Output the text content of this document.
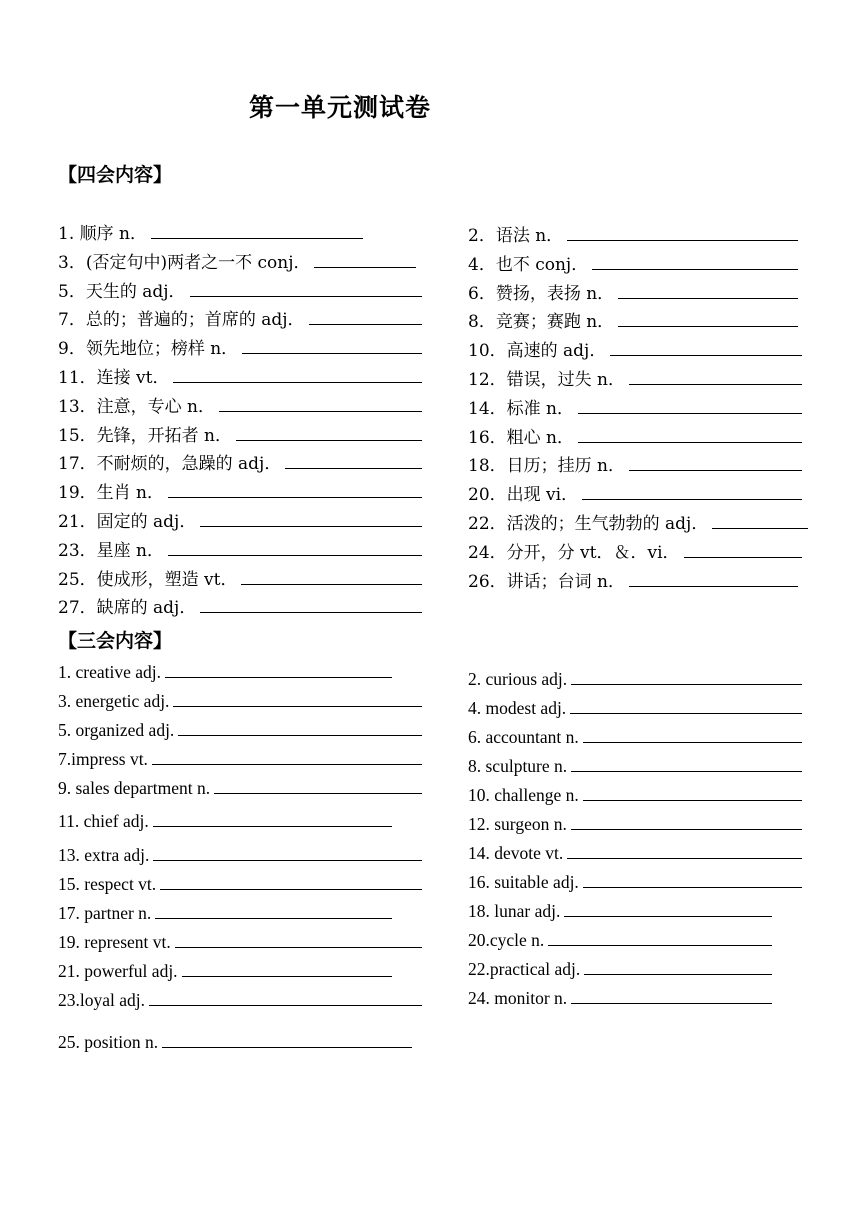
第一单元测试卷
【四会内容】
1. 顺序 n．
3．(否定句中)两者之一不 conj．
5．天生的 adj．
7．总的；普遍的；首席的 adj．
9．领先地位；榜样 n．
11．连接 vt．
13．注意，专心 n．
15．先锋，开拓者 n．
17．不耐烦的，急躁的 adj．
19．生肖 n．
21．固定的 adj．
23．星座 n．
25．使成形，塑造 vt．
27．缺席的 adj．
2．语法 n．
4．也不 conj．
6．赞扬，表扬 n．
8．竞赛；赛跑 n．
10．高速的 adj．
12．错误，过失 n．
14．标准 n．
16．粗心 n．
18．日历；挂历 n．
20．出现 vi．
22．活泼的；生气勃勃的 adj．
24．分开，分 vt．＆．vi．
26．讲话；台词 n．
【三会内容】
1. creative adj.
3. energetic adj.
5. organized adj.
7.impress vt.
9. sales department n.
11. chief adj.
13. extra adj.
15. respect vt.
17. partner n.
19. represent vt.
21. powerful adj.
23.loyal adj.
25. position n.
2. curious adj.
4. modest adj.
6. accountant n.
8. sculpture n.
10. challenge n.
12. surgeon n.
14. devote vt.
16. suitable adj.
18. lunar adj.
20.cycle n.
22.practical adj.
24. monitor n.
